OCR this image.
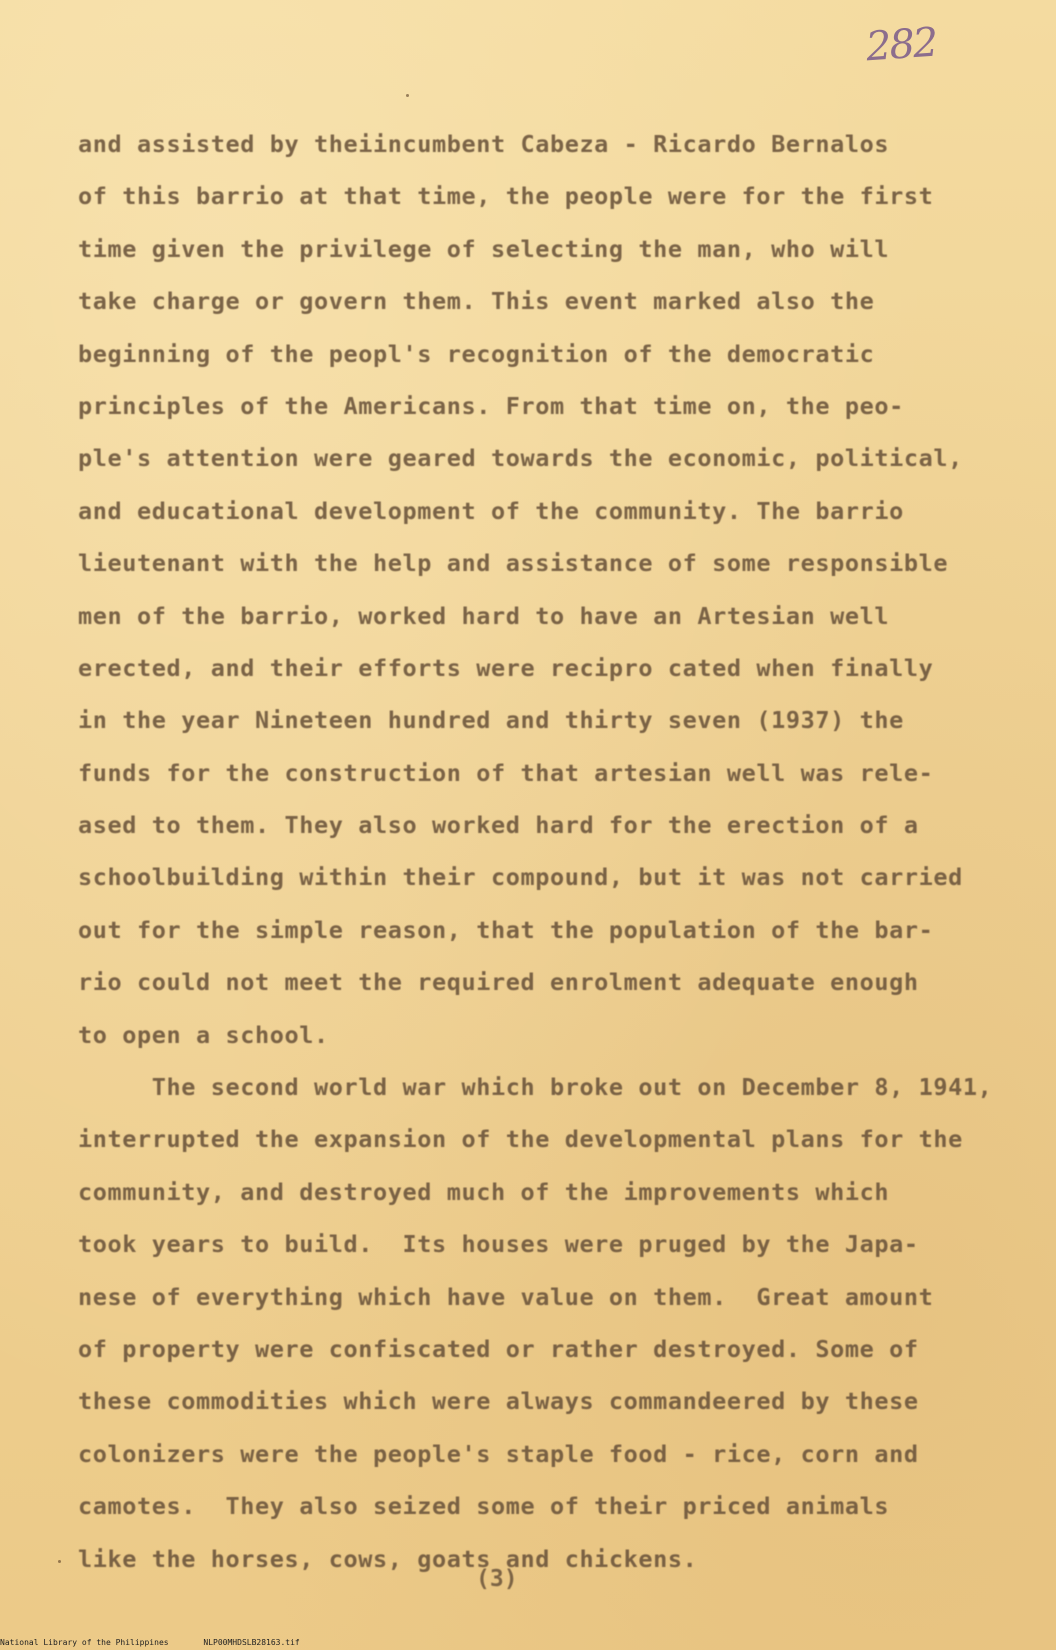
282
and assisted by theiincumbent Cabeza - Ricardo Bernalos
of this barrio at that time, the people were for the first
time given the privilege of selecting the man, who will
take charge or govern them. This event marked also the
beginning of the peopl's recognition of the democratic
principles of the Americans. From that time on, the peo-
ple's attention were geared towards the economic, political,
and educational development of the community. The barrio
lieutenant with the help and assistance of some responsible
men of the barrio, worked hard to have an Artesian well
erected, and their efforts were recipro cated when finally
in the year Nineteen hundred and thirty seven (1937) the
funds for the construction of that artesian well was rele-
ased to them. They also worked hard for the erection of a
schoolbuilding within their compound, but it was not carried
out for the simple reason, that the population of the bar-
rio could not meet the required enrolment adequate enough
to open a school.
The second world war which broke out on December 8, 1941,
interrupted the expansion of the developmental plans for the
community, and destroyed much of the improvements which
took years to build.  Its houses were pruged by the Japa-
nese of everything which have value on them.  Great amount
of property were confiscated or rather destroyed. Some of
these commodities which were always commandeered by these
colonizers were the people's staple food - rice, corn and
camotes.  They also seized some of their priced animals
like the horses, cows, goats and chickens.
(3)
National Library of the Philippines	NLP00MHDSLB28163.tif
